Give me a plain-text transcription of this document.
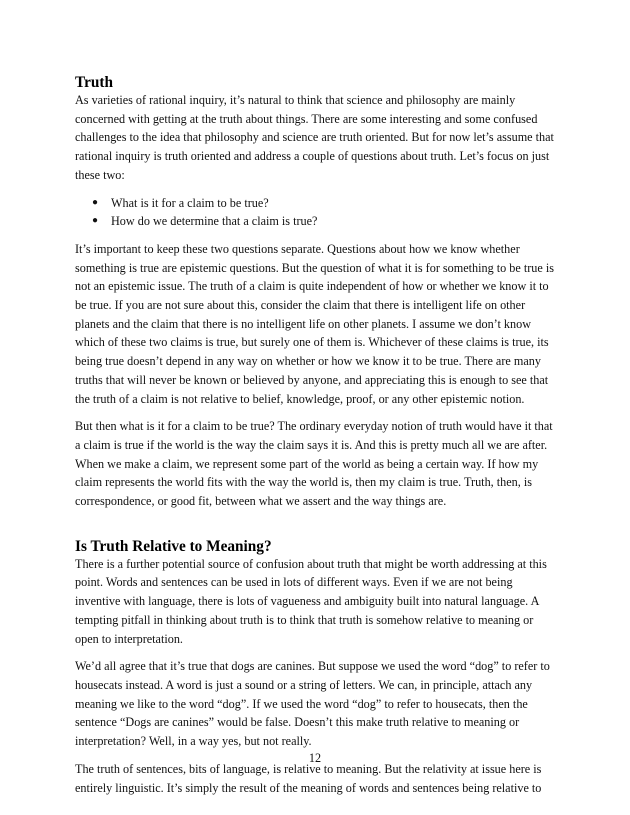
Truth

As varieties of rational inquiry, it’s natural to think that science and philosophy are mainly concerned with getting at the truth about things. There are some interesting and some confused challenges to the idea that philosophy and science are truth oriented. But for now let’s assume that rational inquiry is truth oriented and address a couple of questions about truth. Let’s focus on just these two:

● What is it for a claim to be true?
● How do we determine that a claim is true?

It’s important to keep these two questions separate. Questions about how we know whether something is true are epistemic questions. But the question of what it is for something to be true is not an epistemic issue. The truth of a claim is quite independent of how or whether we know it to be true. If you are not sure about this, consider the claim that there is intelligent life on other planets and the claim that there is no intelligent life on other planets. I assume we don’t know which of these two claims is true, but surely one of them is. Whichever of these claims is true, its being true doesn’t depend in any way on whether or how we know it to be true. There are many truths that will never be known or believed by anyone, and appreciating this is enough to see that the truth of a claim is not relative to belief, knowledge, proof, or any other epistemic notion.

But then what is it for a claim to be true? The ordinary everyday notion of truth would have it that a claim is true if the world is the way the claim says it is. And this is pretty much all we are after. When we make a claim, we represent some part of the world as being a certain way. If how my claim represents the world fits with the way the world is, then my claim is true. Truth, then, is correspondence, or good fit, between what we assert and the way things are.

Is Truth Relative to Meaning?

There is a further potential source of confusion about truth that might be worth addressing at this point. Words and sentences can be used in lots of different ways. Even if we are not being inventive with language, there is lots of vagueness and ambiguity built into natural language. A tempting pitfall in thinking about truth is to think that truth is somehow relative to meaning or open to interpretation.

We’d all agree that it’s true that dogs are canines. But suppose we used the word “dog” to refer to housecats instead. A word is just a sound or a string of letters. We can, in principle, attach any meaning we like to the word “dog”. If we used the word “dog” to refer to housecats, then the sentence “Dogs are canines” would be false. Doesn’t this make truth relative to meaning or interpretation? Well, in a way yes, but not really.

The truth of sentences, bits of language, is relative to meaning. But the relativity at issue here is entirely linguistic. It’s simply the result of the meaning of words and sentences being relative to

12
